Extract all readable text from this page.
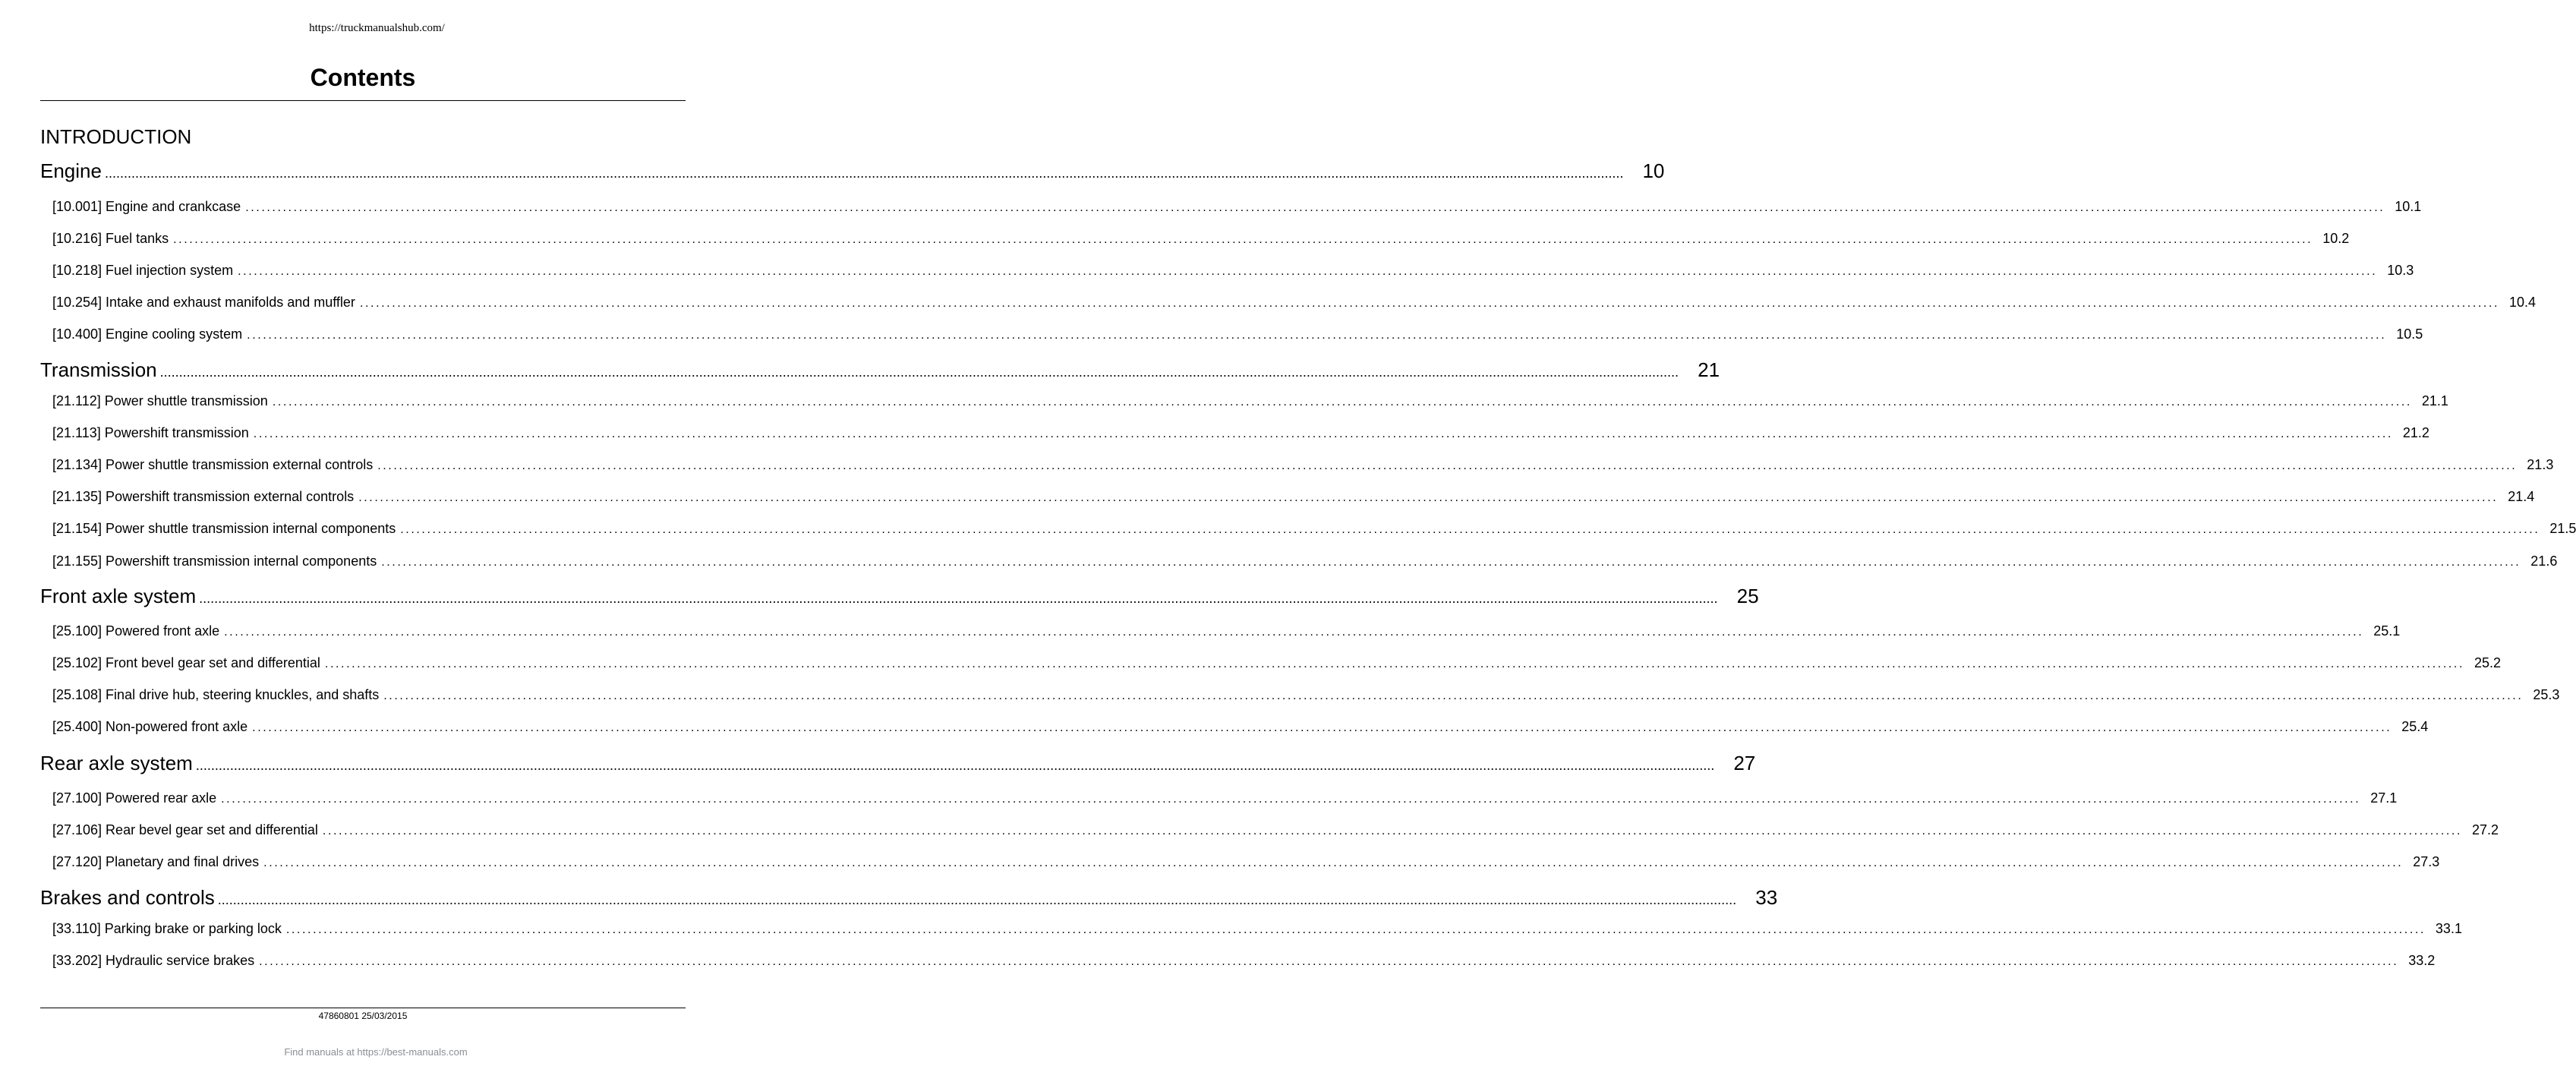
https://truckmanualshub.com/
Contents
INTRODUCTION
Engine ................................................................................................................................................................................................................................................................................................................................................................................................................ 10
[10.001] Engine and crankcase ................................................................................................................................................................................................................................................................................................................................................................................................................ 10.1
[10.216] Fuel tanks ................................................................................................................................................................................................................................................................................................................................................................................................................ 10.2
[10.218] Fuel injection system ................................................................................................................................................................................................................................................................................................................................................................................................................ 10.3
[10.254] Intake and exhaust manifolds and muffler ................................................................................................................................................................................................................................................................................................................................................................................................................ 10.4
[10.400] Engine cooling system ................................................................................................................................................................................................................................................................................................................................................................................................................ 10.5
Transmission ................................................................................................................................................................................................................................................................................................................................................................................................................ 21
[21.112] Power shuttle transmission ................................................................................................................................................................................................................................................................................................................................................................................................................ 21.1
[21.113] Powershift transmission ................................................................................................................................................................................................................................................................................................................................................................................................................ 21.2
[21.134] Power shuttle transmission external controls ................................................................................................................................................................................................................................................................................................................................................................................................................ 21.3
[21.135] Powershift transmission external controls ................................................................................................................................................................................................................................................................................................................................................................................................................ 21.4
[21.154] Power shuttle transmission internal components ................................................................................................................................................................................................................................................................................................................................................................................................................ 21.5
[21.155] Powershift transmission internal components ................................................................................................................................................................................................................................................................................................................................................................................................................ 21.6
Front axle system ................................................................................................................................................................................................................................................................................................................................................................................................................ 25
[25.100] Powered front axle ................................................................................................................................................................................................................................................................................................................................................................................................................ 25.1
[25.102] Front bevel gear set and differential ................................................................................................................................................................................................................................................................................................................................................................................................................ 25.2
[25.108] Final drive hub, steering knuckles, and shafts ................................................................................................................................................................................................................................................................................................................................................................................................................ 25.3
[25.400] Non-powered front axle ................................................................................................................................................................................................................................................................................................................................................................................................................ 25.4
Rear axle system ................................................................................................................................................................................................................................................................................................................................................................................................................ 27
[27.100] Powered rear axle ................................................................................................................................................................................................................................................................................................................................................................................................................ 27.1
[27.106] Rear bevel gear set and differential ................................................................................................................................................................................................................................................................................................................................................................................................................ 27.2
[27.120] Planetary and final drives ................................................................................................................................................................................................................................................................................................................................................................................................................ 27.3
Brakes and controls ................................................................................................................................................................................................................................................................................................................................................................................................................ 33
[33.110] Parking brake or parking lock ................................................................................................................................................................................................................................................................................................................................................................................................................ 33.1
[33.202] Hydraulic service brakes ................................................................................................................................................................................................................................................................................................................................................................................................................ 33.2
47860801 25/03/2015
Find manuals at https://best-manuals.com
